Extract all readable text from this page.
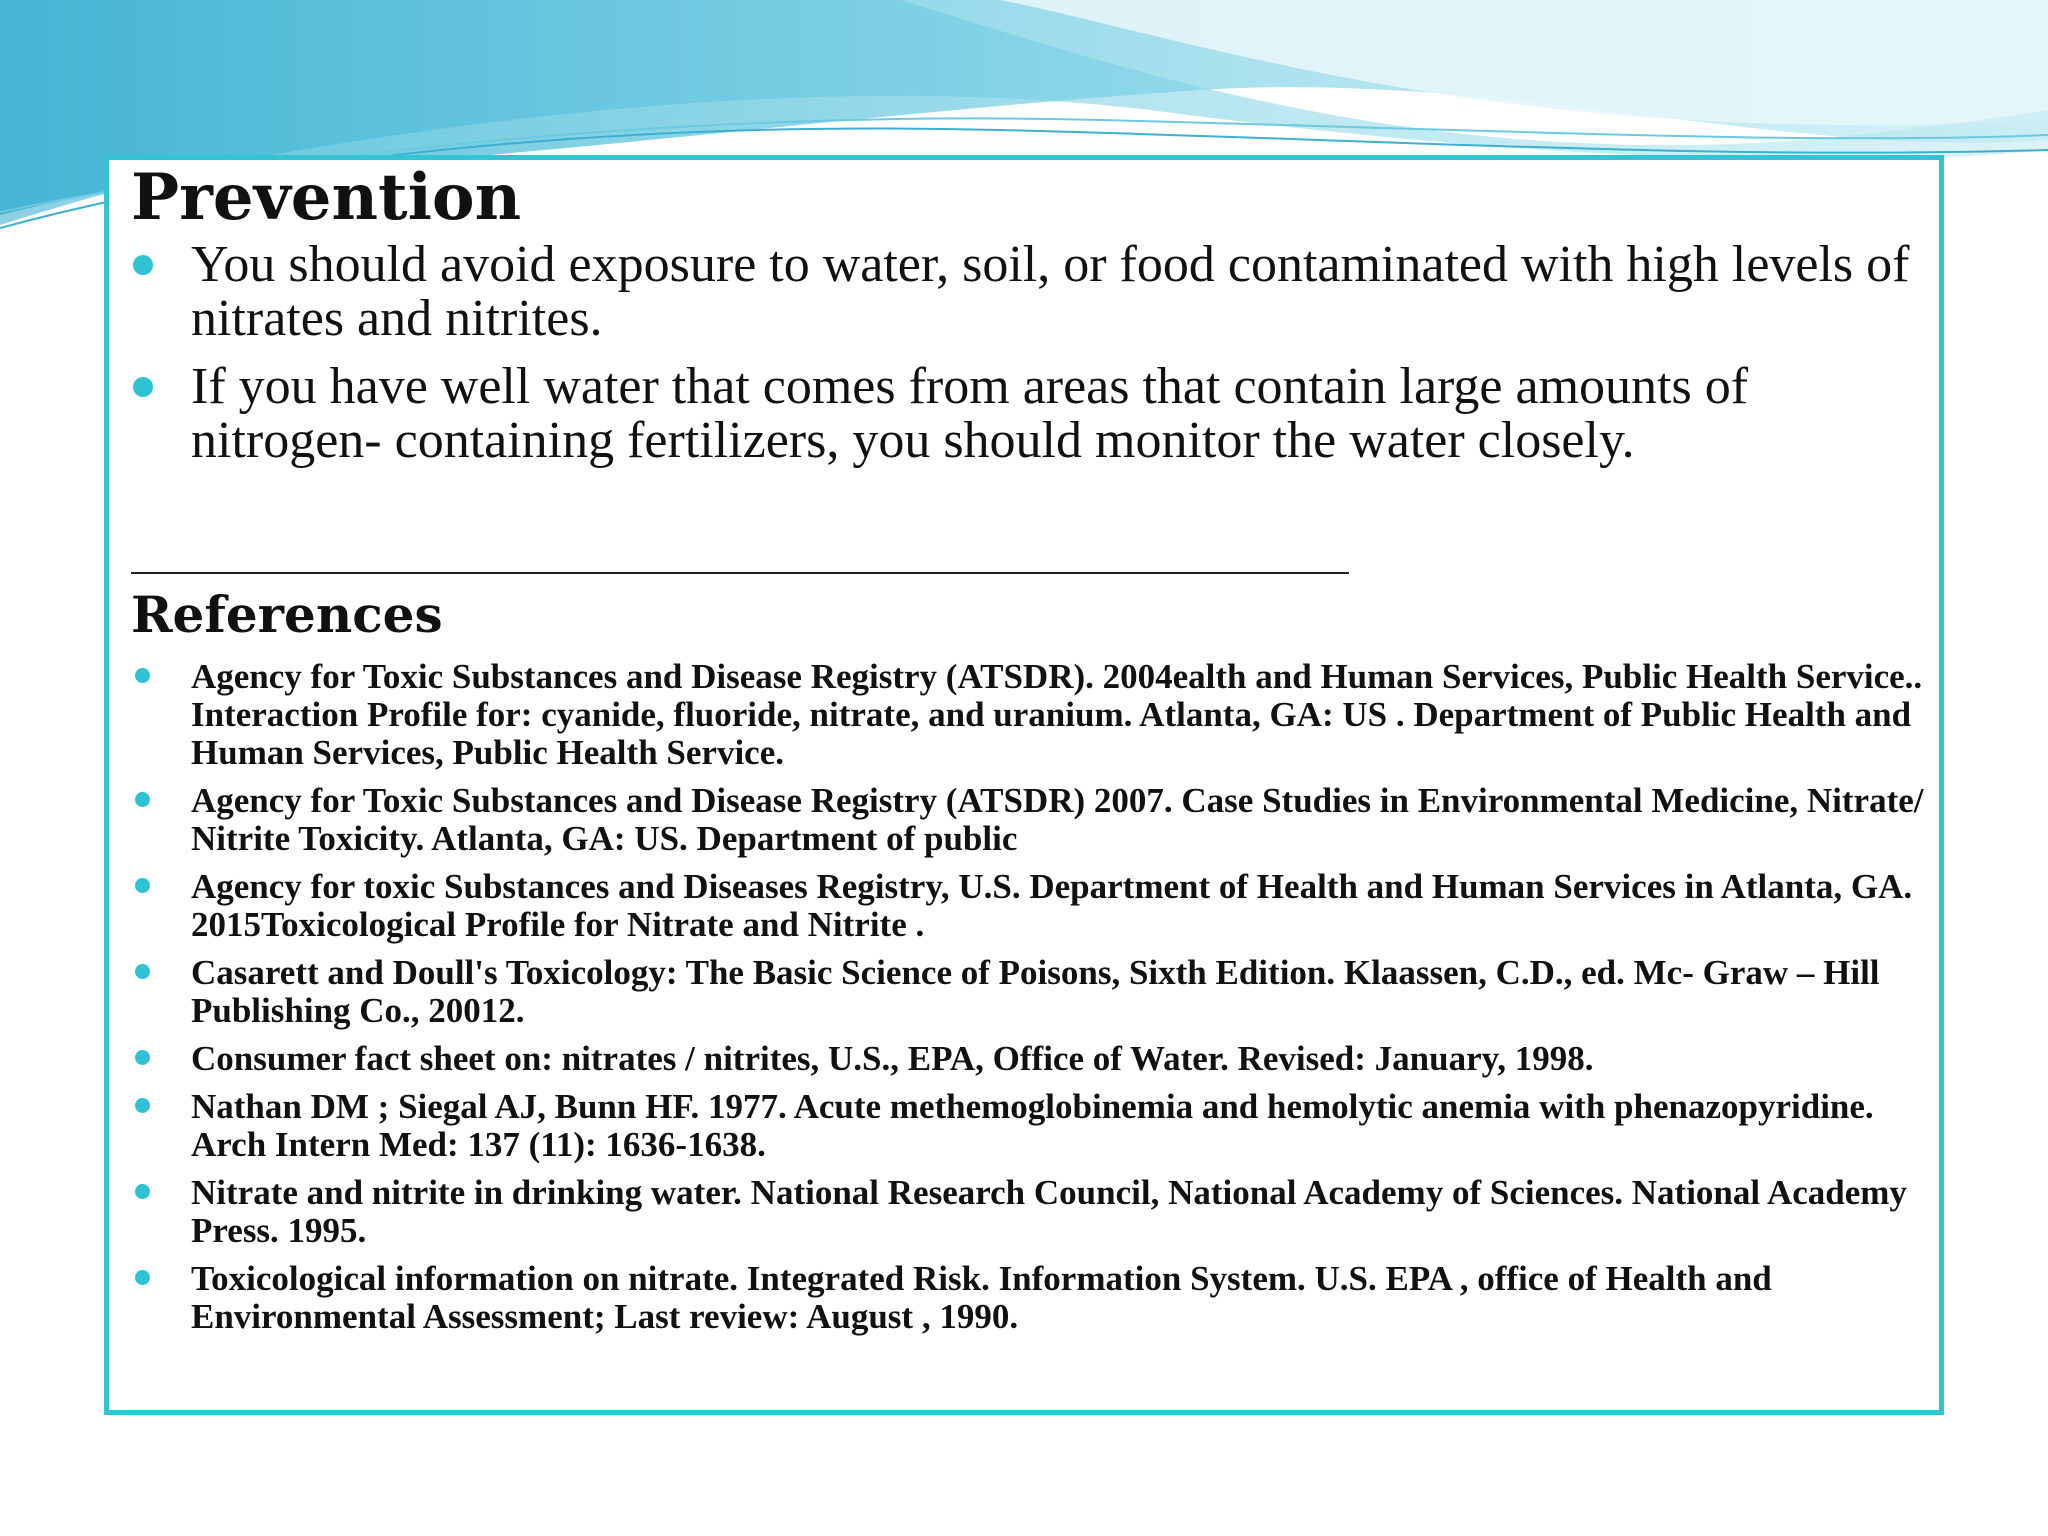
Prevention
You should avoid exposure to water, soil, or food contaminated with high levels of nitrates and nitrites.
If you have well water that comes from areas that contain large amounts of nitrogen- containing fertilizers, you should monitor the water closely.
References
Agency for Toxic Substances and Disease Registry (ATSDR). 2004ealth and Human Services, Public Health Service.. Interaction Profile for: cyanide, fluoride, nitrate, and uranium. Atlanta, GA: US . Department of Public Health and Human Services, Public Health Service.
Agency for Toxic Substances and Disease Registry (ATSDR) 2007. Case Studies in Environmental Medicine, Nitrate/ Nitrite Toxicity. Atlanta, GA: US. Department of public
Agency for toxic Substances and Diseases Registry, U.S. Department of Health and Human Services in Atlanta, GA. 2015Toxicological Profile for Nitrate and Nitrite .
Casarett and Doull's Toxicology: The Basic Science of Poisons, Sixth Edition. Klaassen, C.D., ed. Mc- Graw – Hill Publishing Co., 20012.
Consumer fact sheet on: nitrates / nitrites, U.S., EPA, Office of Water. Revised: January, 1998.
Nathan DM ; Siegal AJ, Bunn HF. 1977. Acute methemoglobinemia and hemolytic anemia with phenazopyridine. Arch Intern Med: 137 (11): 1636-1638.
Nitrate and nitrite in drinking water. National Research Council, National Academy of Sciences. National Academy Press. 1995.
Toxicological information on nitrate. Integrated Risk. Information System. U.S. EPA , office of Health and Environmental Assessment; Last review: August , 1990.
